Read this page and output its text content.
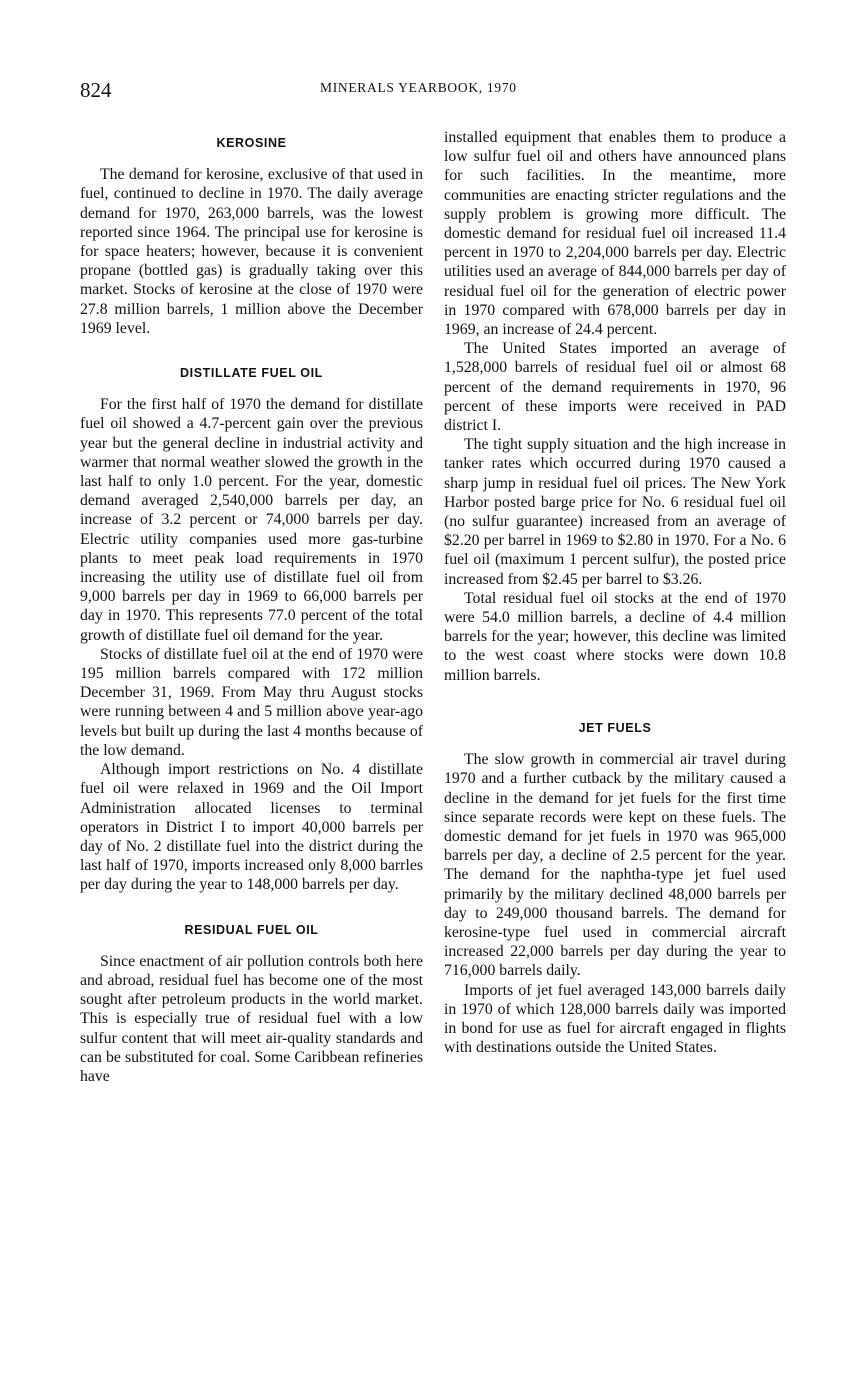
824	MINERALS YEARBOOK, 1970
KEROSINE

The demand for kerosine, exclusive of that used in fuel, continued to decline in 1970. The daily average demand for 1970, 263,000 barrels, was the lowest reported since 1964. The principal use for kerosine is for space heaters; however, because it is convenient propane (bottled gas) is gradually taking over this market. Stocks of kerosine at the close of 1970 were 27.8 million barrels, 1 million above the December 1969 level.

DISTILLATE FUEL OIL

For the first half of 1970 the demand for distillate fuel oil showed a 4.7-percent gain over the previous year but the general decline in industrial activity and warmer that normal weather slowed the growth in the last half to only 1.0 percent. For the year, domestic demand averaged 2,540,000 barrels per day, an increase of 3.2 percent or 74,000 barrels per day. Electric utility companies used more gas-turbine plants to meet peak load requirements in 1970 increasing the utility use of distillate fuel oil from 9,000 barrels per day in 1969 to 66,000 barrels per day in 1970. This represents 77.0 percent of the total growth of distillate fuel oil demand for the year.

Stocks of distillate fuel oil at the end of 1970 were 195 million barrels compared with 172 million December 31, 1969. From May thru August stocks were running between 4 and 5 million above year-ago levels but built up during the last 4 months because of the low demand.

Although import restrictions on No. 4 distillate fuel oil were relaxed in 1969 and the Oil Import Administration allocated licenses to terminal operators in District I to import 40,000 barrels per day of No. 2 distillate fuel into the district during the last half of 1970, imports increased only 8,000 barrles per day during the year to 148,000 barrels per day.

RESIDUAL FUEL OIL

Since enactment of air pollution controls both here and abroad, residual fuel has become one of the most sought after petroleum products in the world market. This is especially true of residual fuel with a low sulfur content that will meet air-quality standards and can be substituted for coal. Some Caribbean refineries have

installed equipment that enables them to produce a low sulfur fuel oil and others have announced plans for such facilities. In the meantime, more communities are enacting stricter regulations and the supply problem is growing more difficult. The domestic demand for residual fuel oil increased 11.4 percent in 1970 to 2,204,000 barrels per day. Electric utilities used an average of 844,000 barrels per day of residual fuel oil for the generation of electric power in 1970 compared with 678,000 barrels per day in 1969, an increase of 24.4 percent.

The United States imported an average of 1,528,000 barrels of residual fuel oil or almost 68 percent of the demand requirements in 1970, 96 percent of these imports were received in PAD district I.

The tight supply situation and the high increase in tanker rates which occurred during 1970 caused a sharp jump in residual fuel oil prices. The New York Harbor posted barge price for No. 6 residual fuel oil (no sulfur guarantee) increased from an average of $2.20 per barrel in 1969 to $2.80 in 1970. For a No. 6 fuel oil (maximum 1 percent sulfur), the posted price increased from $2.45 per barrel to $3.26.

Total residual fuel oil stocks at the end of 1970 were 54.0 million barrels, a decline of 4.4 million barrels for the year; however, this decline was limited to the west coast where stocks were down 10.8 million barrels.

JET FUELS

The slow growth in commercial air travel during 1970 and a further cutback by the military caused a decline in the demand for jet fuels for the first time since separate records were kept on these fuels. The domestic demand for jet fuels in 1970 was 965,000 barrels per day, a decline of 2.5 percent for the year. The demand for the naphtha-type jet fuel used primarily by the military declined 48,000 barrels per day to 249,000 thousand barrels. The demand for kerosine-type fuel used in commercial aircraft increased 22,000 barrels per day during the year to 716,000 barrels daily.

Imports of jet fuel averaged 143,000 barrels daily in 1970 of which 128,000 barrels daily was imported in bond for use as fuel for aircraft engaged in flights with destinations outside the United States.
